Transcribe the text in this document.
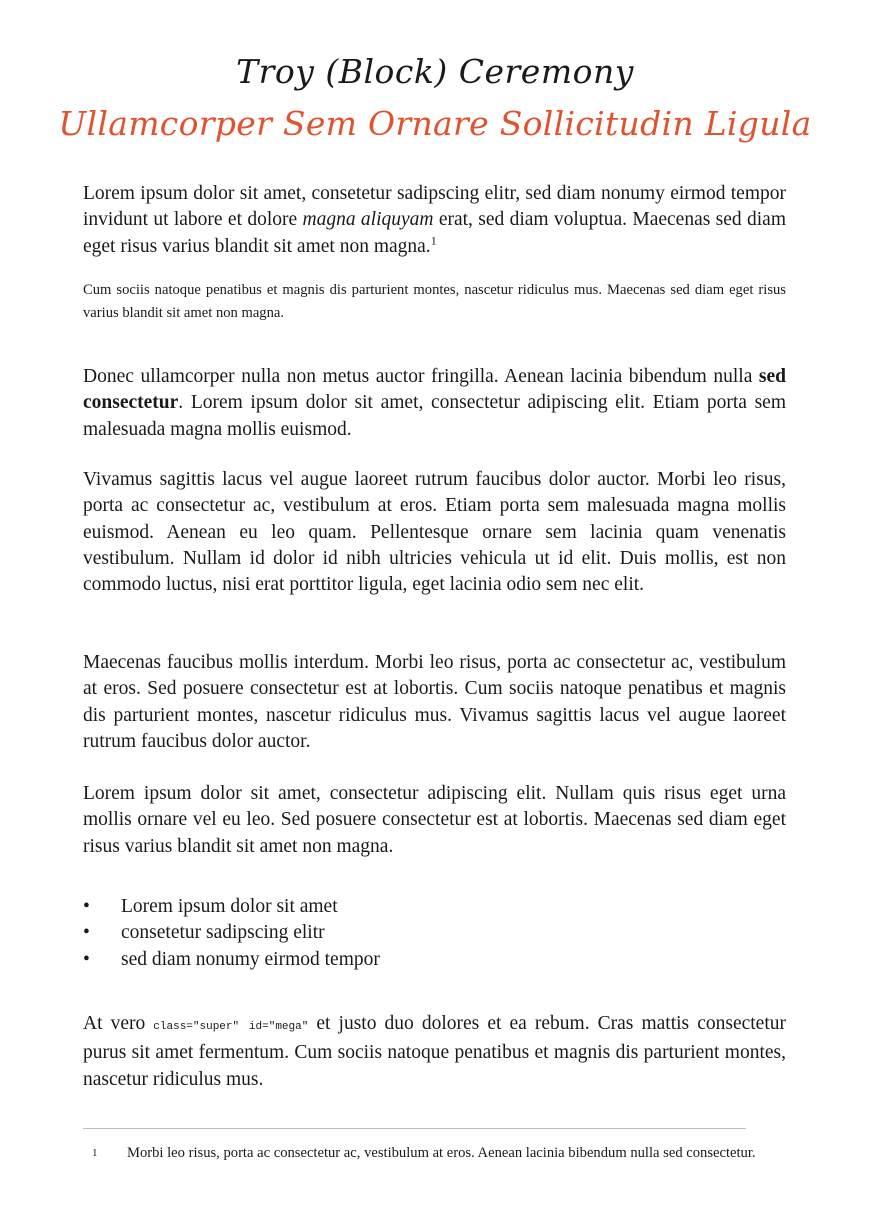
Troy (Block) Ceremony
Ullamcorper Sem Ornare Sollicitudin Ligula

Lorem ipsum dolor sit amet, consetetur sadipscing elitr, sed diam nonumy eirmod tempor invidunt ut labore et dolore magna aliquyam erat, sed diam voluptua. Maecenas sed diam eget risus varius blandit sit amet non magna.$^1$

Cum sociis natoque penatibus et magnis dis parturient montes, nascetur ridiculus mus. Maecenas sed diam eget risus varius blandit sit amet non magna.

Donec ullamcorper nulla non metus auctor fringilla. Aenean lacinia bibendum nulla sed consectetur. Lorem ipsum dolor sit amet, consectetur adipiscing elit. Etiam porta sem malesuada magna mollis euismod.

Vivamus sagittis lacus vel augue laoreet rutrum faucibus dolor auctor. Morbi leo risus, porta ac consectetur ac, vestibulum at eros. Etiam porta sem malesuada magna mollis euismod. Aenean eu leo quam. Pellentesque ornare sem lacinia quam venenatis vestibulum. Nullam id dolor id nibh ultricies vehicula ut id elit. Duis mollis, est non commodo luctus, nisi erat porttitor ligula, eget lacinia odio sem nec elit.

Maecenas faucibus mollis interdum. Morbi leo risus, porta ac consectetur ac, vestibulum at eros. Sed posuere consectetur est at lobortis. Cum sociis natoque penatibus et magnis dis parturient montes, nascetur ridiculus mus. Vivamus sagittis lacus vel augue laoreet rutrum faucibus dolor auctor.

Lorem ipsum dolor sit amet, consectetur adipiscing elit. Nullam quis risus eget urna mollis ornare vel eu leo. Sed posuere consectetur est at lobortis. Maecenas sed diam eget risus varius blandit sit amet non magna.

• Lorem ipsum dolor sit amet
• consetetur sadipscing elitr
• sed diam nonumy eirmod tempor

At vero class="super" id="mega" et justo duo dolores et ea rebum. Cras mattis consectetur purus sit amet fermentum. Cum sociis natoque penatibus et magnis dis parturient montes, nascetur ridiculus mus.

1 Morbi leo risus, porta ac consectetur ac, vestibulum at eros. Aenean lacinia bibendum nulla sed consectetur.
